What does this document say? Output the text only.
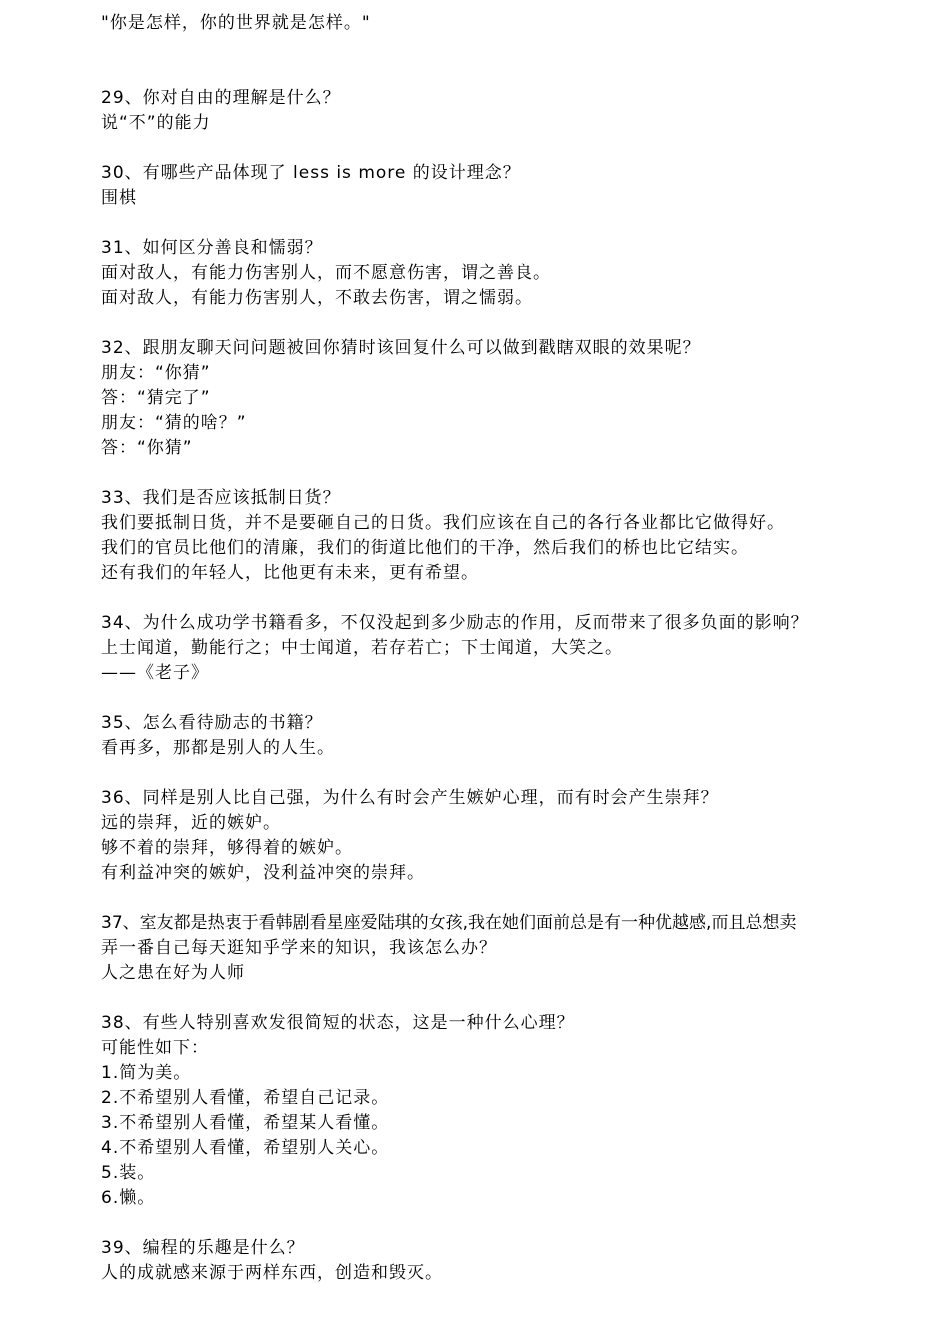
"你是怎样，你的世界就是怎样。"
29、你对自由的理解是什么？
说“不”的能力
30、有哪些产品体现了 less is more 的设计理念？
围棋
31、如何区分善良和懦弱？
面对敌人，有能力伤害别人，而不愿意伤害，谓之善良。
面对敌人，有能力伤害别人，不敢去伤害，谓之懦弱。
32、跟朋友聊天问问题被回你猜时该回复什么可以做到戳瞎双眼的效果呢？
朋友：“你猜”
答：“猜完了”
朋友：“猜的啥？”
答：“你猜”
33、我们是否应该抵制日货？
我们要抵制日货，并不是要砸自己的日货。我们应该在自己的各行各业都比它做得好。
我们的官员比他们的清廉，我们的街道比他们的干净，然后我们的桥也比它结实。
还有我们的年轻人，比他更有未来，更有希望。
34、为什么成功学书籍看多，不仅没起到多少励志的作用，反而带来了很多负面的影响？
上士闻道，勤能行之；中士闻道，若存若亡；下士闻道，大笑之。
——《老子》
35、怎么看待励志的书籍？
看再多，那都是别人的人生。
36、同样是别人比自己强，为什么有时会产生嫉妒心理，而有时会产生崇拜？
远的崇拜，近的嫉妒。
够不着的崇拜，够得着的嫉妒。
有利益冲突的嫉妒，没利益冲突的崇拜。
37、室友都是热衷于看韩剧看星座爱陆琪的女孩,我在她们面前总是有一种优越感,而且总想卖
弄一番自己每天逛知乎学来的知识，我该怎么办？
人之患在好为人师
38、有些人特别喜欢发很简短的状态，这是一种什么心理？
可能性如下：
1.简为美。
2.不希望别人看懂，希望自己记录。
3.不希望别人看懂，希望某人看懂。
4.不希望别人看懂，希望别人关心。
5.装。
6.懒。
39、编程的乐趣是什么？
人的成就感来源于两样东西，创造和毁灭。
